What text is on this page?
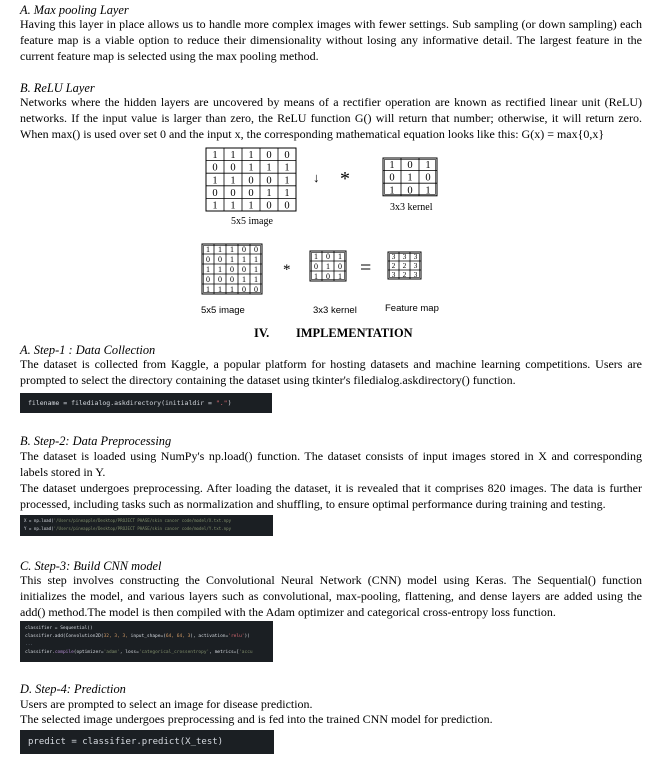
A. Max pooling Layer
Having this layer in place allows us to handle more complex images with fewer settings. Sub sampling (or down sampling) each feature map is a viable option to reduce their dimensionality without losing any informative detail. The largest feature in the current feature map is selected using the max pooling method.
B. ReLU Layer
Networks where the hidden layers are uncovered by means of a rectifier operation are known as rectified linear unit (ReLU) networks. If the input value is larger than zero, the ReLU function G() will return that number; otherwise, it will return zero. When max() is used over set 0 and the input x, the corresponding mathematical equation looks like this: G(x) = max{0,x}
1 1 1 0 0
0 0 1 1 1
1 1 0 0 1
0 0 0 1 1
1 1 1 0 0
1 0 1
0 1 0
1 0 1
5x5 image
↓ *
3x3 kernel
1 1 1 0 0
0 0 1 1 1
1 1 0 0 1
0 0 0 1 1
1 1 1 0 0
1 0 1
0 1 0
1 0 1
3 3 3
2 2 3
3 2 3
*	=
5x5 image	3x3 kernel	Feature map
IV. IMPLEMENTATION
A. Step-1 : Data Collection
The dataset is collected from Kaggle, a popular platform for hosting datasets and machine learning competitions. Users are prompted to select the directory containing the dataset using tkinter's filedialog.askdirectory() function.
filename = filedialog.askdirectory(initialdir = ".")
B. Step-2: Data Preprocessing
The dataset is loaded using NumPy's np.load() function. The dataset consists of input images stored in X and corresponding labels stored in Y.
The dataset undergoes preprocessing. After loading the dataset, it is revealed that it comprises 820 images. The data is further processed, including tasks such as normalization and shuffling, to ensure optimal performance during training and testing.
X = np.load('/Users/pineapple/Desktop/PROJECT PHASE/skin cancer code/model/X.txt.npy
Y = np.load('/Users/pineapple/Desktop/PROJECT PHASE/skin cancer code/model/Y.txt.npy
C. Step-3: Build CNN model
This step involves constructing the Convolutional Neural Network (CNN) model using Keras. The Sequential() function initializes the model, and various layers such as convolutional, max-pooling, flattening, and dense layers are added using the add() method.The model is then compiled with the Adam optimizer and categorical cross-entropy loss function.
classifier = Sequential()
classifier.add(Convolution2D(32, 3, 3, input_shape=(64, 64, 3), activation='relu'))
...
classifier.compile(optimizer='adam', loss='categorical_crossentropy', metrics=['accu
D. Step-4: Prediction
Users are prompted to select an image for disease prediction.
The selected image undergoes preprocessing and is fed into the trained CNN model for prediction.
predict = classifier.predict(X_test)
